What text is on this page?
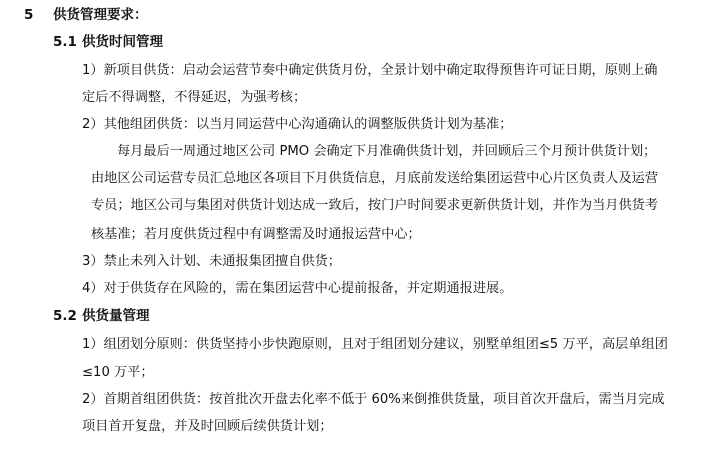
5 供货管理要求：
5.1 供货时间管理
1）新项目供货：启动会运营节奏中确定供货月份，全景计划中确定取得预售许可证日期，原则上确
定后不得调整，不得延迟，为强考核；
2）其他组团供货：以当月同运营中心沟通确认的调整版供货计划为基准；
每月最后一周通过地区公司 PMO 会确定下月准确供货计划，并回顾后三个月预计供货计划；
由地区公司运营专员汇总地区各项目下月供货信息，月底前发送给集团运营中心片区负责人及运营
专员；地区公司与集团对供货计划达成一致后，按门户时间要求更新供货计划，并作为当月供货考
核基准；若月度供货过程中有调整需及时通报运营中心；
3）禁止未列入计划、未通报集团擅自供货；
4）对于供货存在风险的，需在集团运营中心提前报备，并定期通报进展。
5.2 供货量管理
1）组团划分原则：供货坚持小步快跑原则，且对于组团划分建议，别墅单组团≤5 万平，高层单组团
≤10 万平；
2）首期首组团供货：按首批次开盘去化率不低于 60%来倒推供货量，项目首次开盘后，需当月完成
项目首开复盘，并及时回顾后续供货计划；
